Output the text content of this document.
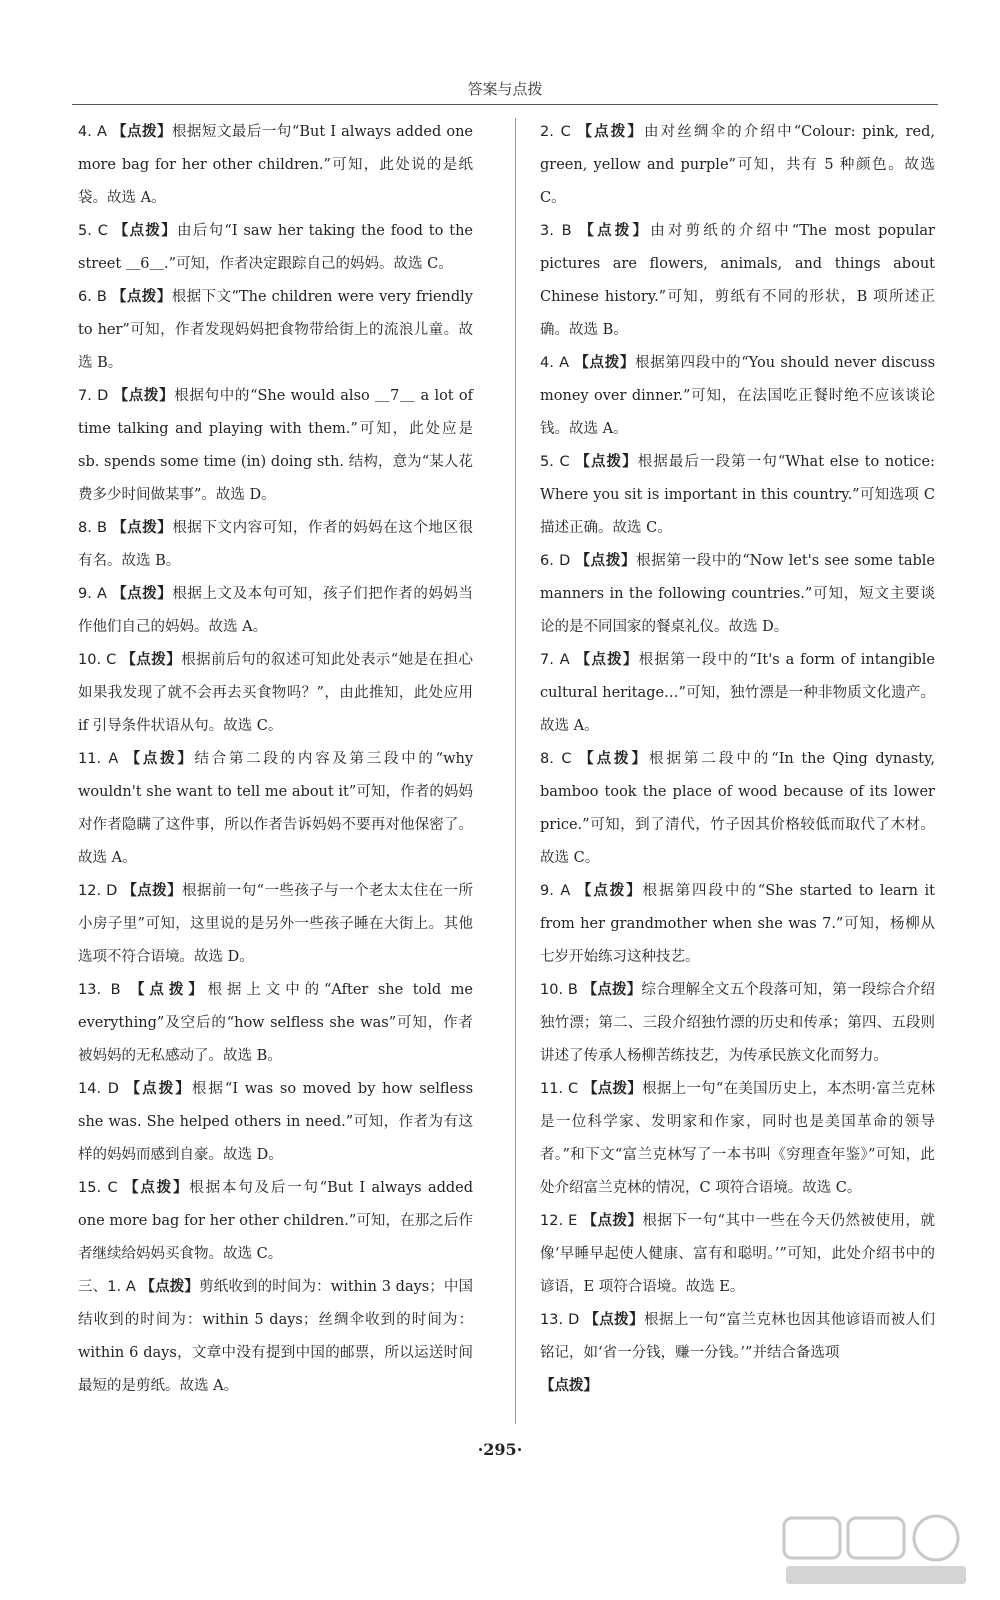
答案与点拨

4. A 【点拨】根据短文最后一句“But I always added one more bag for her other children.”可知，此处说的是纸袋。故选 A。

5. C 【点拨】由后句“I saw her taking the food to the street ＿6＿.”可知，作者决定跟踪自己的妈妈。故选 C。

6. B 【点拨】根据下文“The children were very friendly to her”可知，作者发现妈妈把食物带给街上的流浪儿童。故选 B。

7. D 【点拨】根据句中的“She would also ＿7＿ a lot of time talking and playing with them.”可知，此处应是 sb. spends some time (in) doing sth. 结构，意为“某人花费多少时间做某事”。故选 D。

8. B 【点拨】根据下文内容可知，作者的妈妈在这个地区很有名。故选 B。

9. A 【点拨】根据上文及本句可知，孩子们把作者的妈妈当作他们自己的妈妈。故选 A。

10. C 【点拨】根据前后句的叙述可知此处表示“她是在担心如果我发现了就不会再去买食物吗？”，由此推知，此处应用 if 引导条件状语从句。故选 C。

11. A 【点拨】结合第二段的内容及第三段中的“why wouldn't she want to tell me about it”可知，作者的妈妈对作者隐瞒了这件事，所以作者告诉妈妈不要再对他保密了。故选 A。

12. D 【点拨】根据前一句“一些孩子与一个老太太住在一所小房子里”可知，这里说的是另外一些孩子睡在大街上。其他选项不符合语境。故选 D。

13. B 【点拨】根据上文中的“After she told me everything”及空后的“how selfless she was”可知，作者被妈妈的无私感动了。故选 B。

14. D 【点拨】根据“I was so moved by how selfless she was. She helped others in need.”可知，作者为有这样的妈妈而感到自豪。故选 D。

15. C 【点拨】根据本句及后一句“But I always added one more bag for her other children.”可知，在那之后作者继续给妈妈买食物。故选 C。

三、1. A 【点拨】剪纸收到的时间为：within 3 days；中国结收到的时间为：within 5 days；丝绸伞收到的时间为：within 6 days，文章中没有提到中国的邮票，所以运送时间最短的是剪纸。故选 A。

2. C 【点拨】由对丝绸伞的介绍中“Colour: pink, red, green, yellow and purple”可知，共有 5 种颜色。故选 C。

3. B 【点拨】由对剪纸的介绍中“The most popular pictures are flowers, animals, and things about Chinese history.”可知，剪纸有不同的形状，B 项所述正确。故选 B。

4. A 【点拨】根据第四段中的“You should never discuss money over dinner.”可知，在法国吃正餐时绝不应该谈论钱。故选 A。

5. C 【点拨】根据最后一段第一句“What else to notice: Where you sit is important in this country.”可知选项 C 描述正确。故选 C。

6. D 【点拨】根据第一段中的“Now let's see some table manners in the following countries.”可知，短文主要谈论的是不同国家的餐桌礼仪。故选 D。

7. A 【点拨】根据第一段中的“It's a form of intangible cultural heritage…”可知，独竹漂是一种非物质文化遗产。故选 A。

8. C 【点拨】根据第二段中的“In the Qing dynasty, bamboo took the place of wood because of its lower price.”可知，到了清代，竹子因其价格较低而取代了木材。故选 C。

9. A 【点拨】根据第四段中的“She started to learn it from her grandmother when she was 7.”可知，杨柳从七岁开始练习这种技艺。

10. B 【点拨】综合理解全文五个段落可知，第一段综合介绍独竹漂；第二、三段介绍独竹漂的历史和传承；第四、五段则讲述了传承人杨柳苦练技艺，为传承民族文化而努力。

11. C 【点拨】根据上一句“在美国历史上，本杰明·富兰克林是一位科学家、发明家和作家，同时也是美国革命的领导者。”和下文“富兰克林写了一本书叫《穷理查年鉴》”可知，此处介绍富兰克林的情况，C 项符合语境。故选 C。

12. E 【点拨】根据下一句“其中一些在今天仍然被使用，就像‘早睡早起使人健康、富有和聪明。’”可知，此处介绍书中的谚语，E 项符合语境。故选 E。

13. D 【点拨】根据上一句“富兰克林也因其他谚语而被人们铭记，如‘省一分钱，赚一分钱。’”并结合备选项

【点拨】

·295·
